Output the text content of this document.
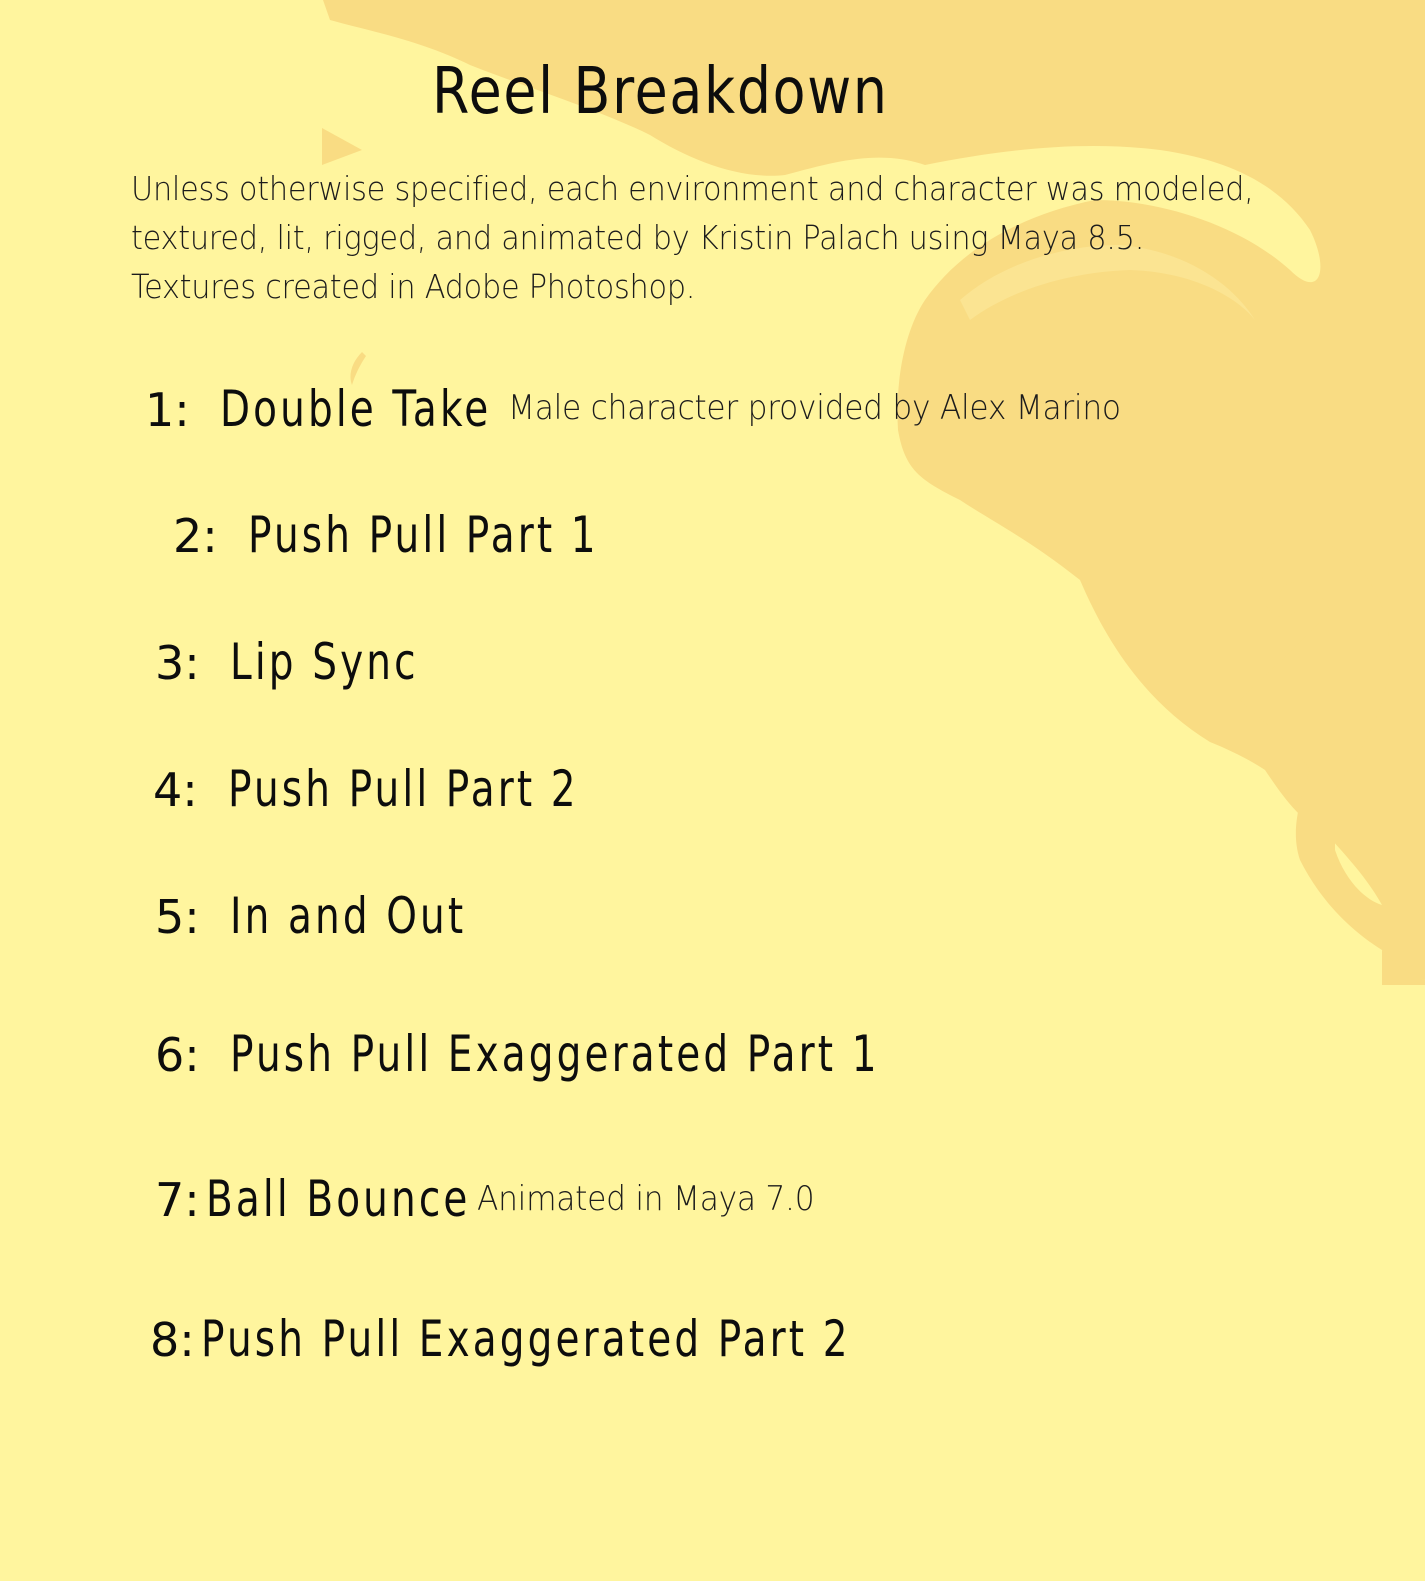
Reel Breakdown

Unless otherwise specified, each environment and character was modeled,
textured, lit, rigged, and animated by Kristin Palach using Maya 8.5.
Textures created in Adobe Photoshop.

1: Double Take Male character provided by Alex Marino
2: Push Pull Part 1
3: Lip Sync
4: Push Pull Part 2
5: In and Out
6: Push Pull Exaggerated Part 1
7: Ball Bounce Animated in Maya 7.0
8: Push Pull Exaggerated Part 2
